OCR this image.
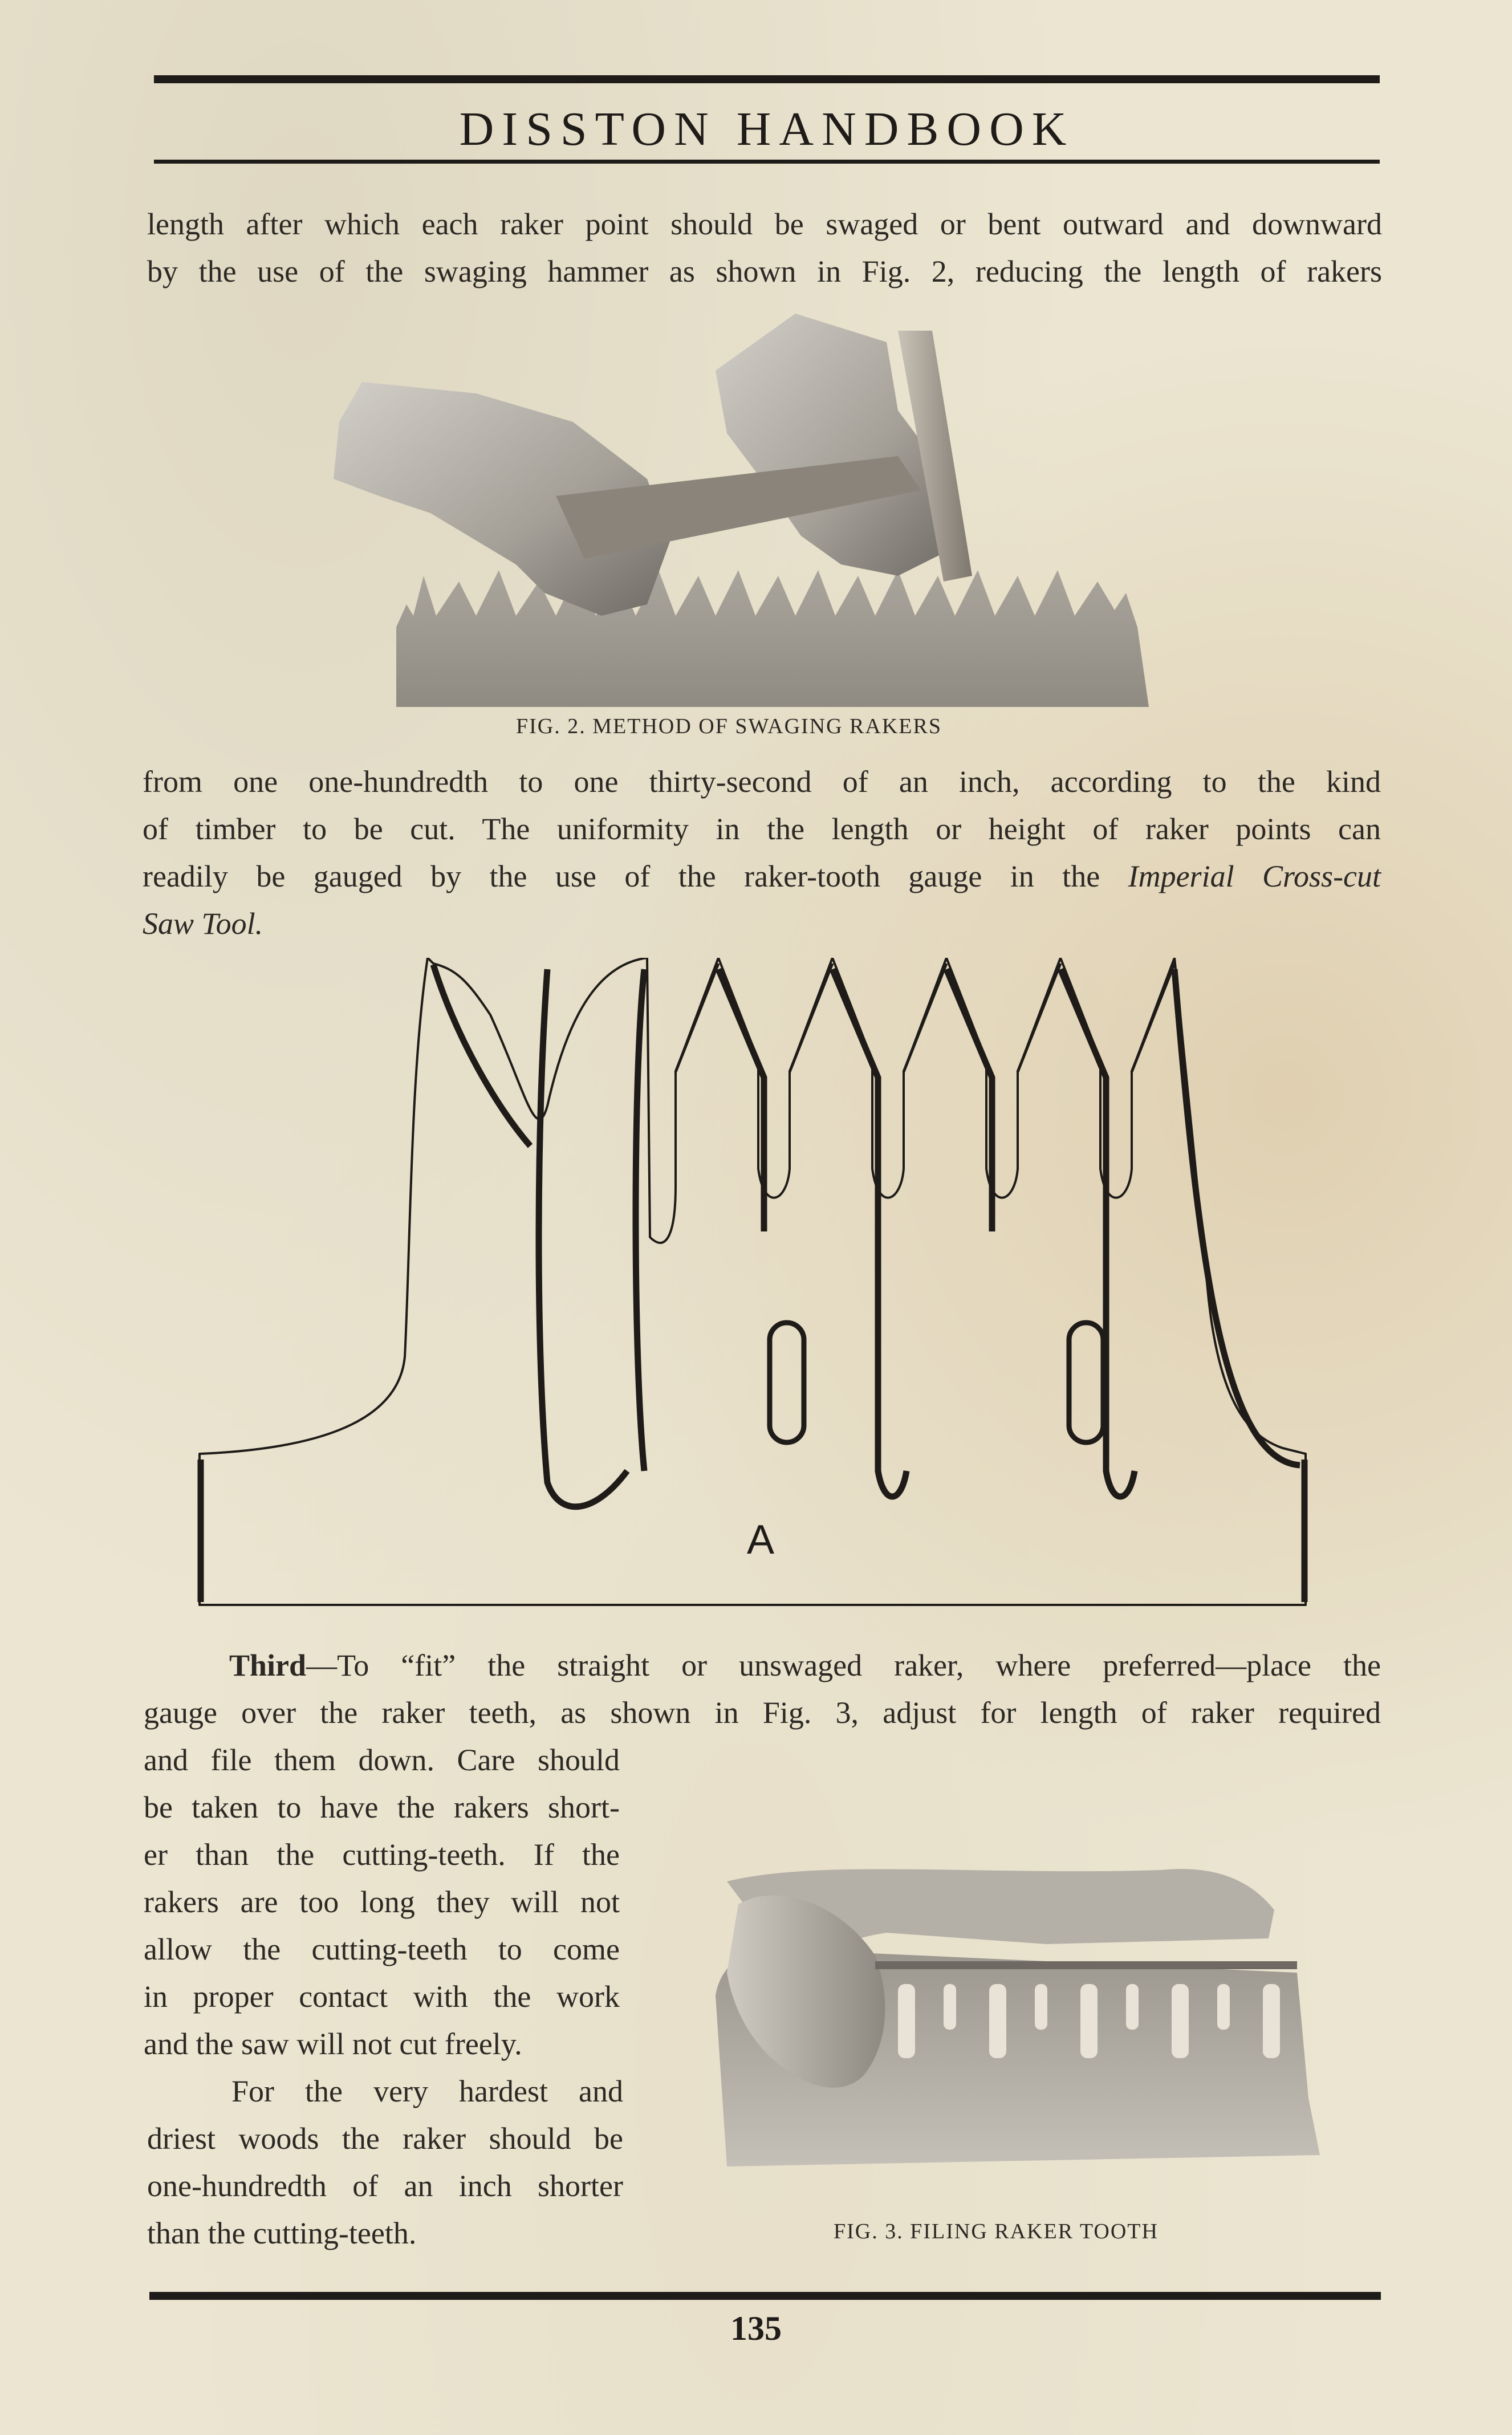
DISSTON HANDBOOK
length after which each raker point should be swaged or bent outward and downward
by the use of the swaging hammer as shown in Fig. 2, reducing the length of rakers
FIG. 2. METHOD OF SWAGING RAKERS
from one one-hundredth to one thirty-second of an inch, according to the kind
of timber to be cut. The uniformity in the length or height of raker points can
readily be gauged by the use of the raker-tooth gauge in the Imperial Cross-cut
Saw Tool.
A
Third—To “fit” the straight or unswaged raker, where preferred—place the
gauge over the raker teeth, as shown in Fig. 3, adjust for length of raker required
and file them down. Care should
be taken to have the rakers short-
er than the cutting-teeth. If the
rakers are too long they will not
allow the cutting-teeth to come
in proper contact with the work
and the saw will not cut freely.
For the very hardest and
driest woods the raker should be
one-hundredth of an inch shorter
than the cutting-teeth.	FIG. 3. FILING RAKER TOOTH
135
